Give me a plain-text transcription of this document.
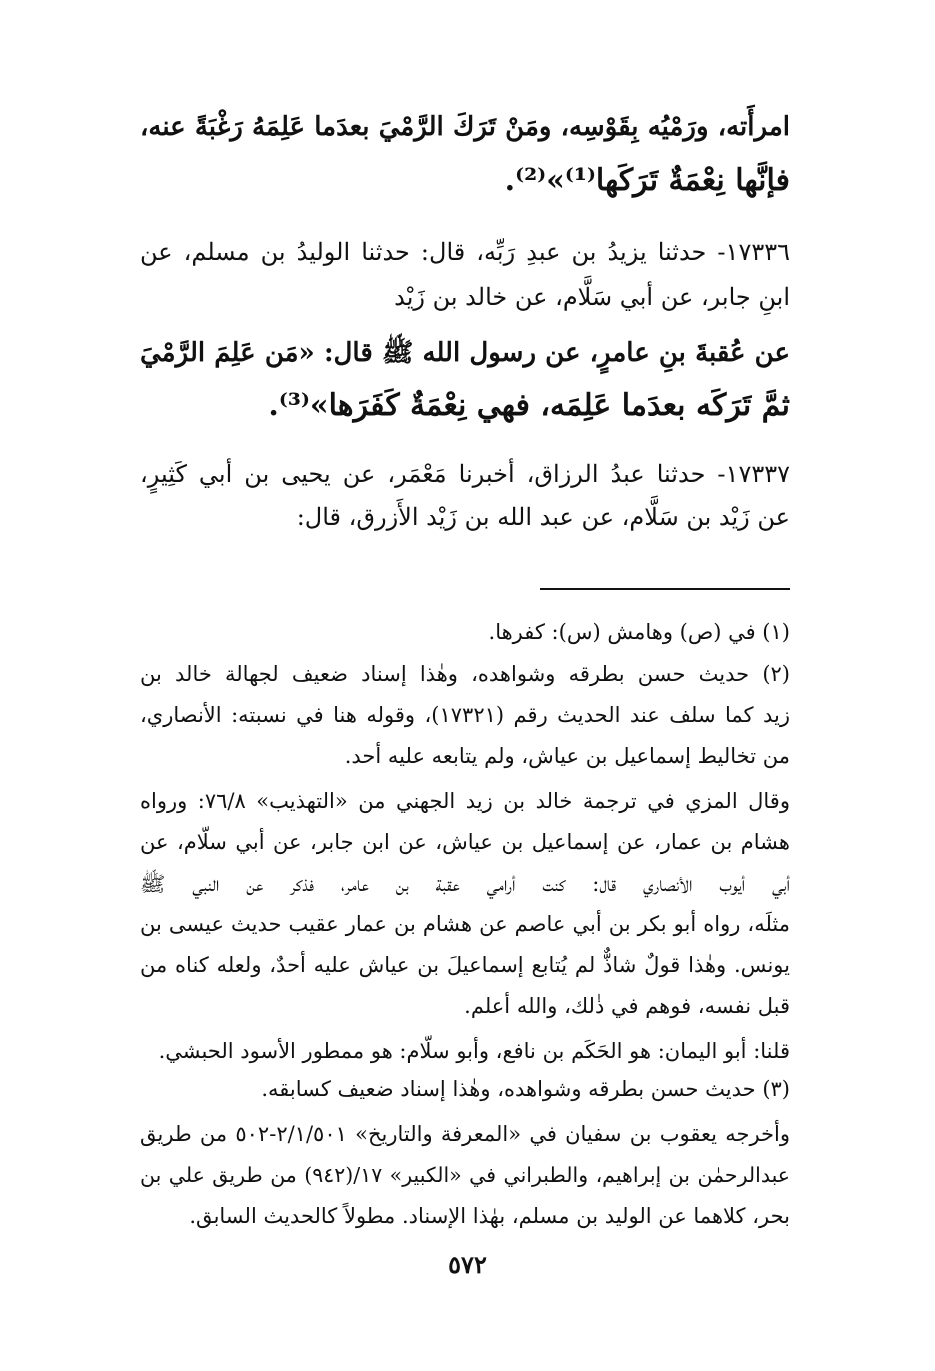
امرأَته، ورَمْيُه بِقَوْسِه، ومَنْ تَرَكَ الرَّمْيَ بعدَما عَلِمَهُ رَغْبَةً عنه،
فإنَّها نِعْمَةٌ تَرَكَها⁽¹⁾»⁽²⁾.
١٧٣٣٦- حدثنا يزيدُ بن عبدِ رَبِّه، قال: حدثنا الوليدُ بن مسلم، عن
ابنِ جابر، عن أبي سَلَّام، عن خالد بن زَيْد
عن عُقبةَ بنِ عامرٍ، عن رسول الله ﷺ قال: «مَن عَلِمَ الرَّمْيَ
ثمَّ تَرَكَه بعدَما عَلِمَه، فهي نِعْمَةٌ كَفَرَها»⁽³⁾.
١٧٣٣٧- حدثنا عبدُ الرزاق، أخبرنا مَعْمَر، عن يحيى بن أبي كَثِيرٍ،
عن زَيْد بن سَلَّام، عن عبد الله بن زَيْد الأَزرق، قال:
(١) في (ص) وهامش (س): كفرها.
(٢) حديث حسن بطرقه وشواهده، وهٰذا إسناد ضعيف لجهالة خالد بن
زيد كما سلف عند الحديث رقم (١٧٣٢١)، وقوله هنا في نسبته: الأنصاري،
من تخاليط إسماعيل بن عياش، ولم يتابعه عليه أحد.
وقال المزي في ترجمة خالد بن زيد الجهني من «التهذيب» ٧٦/٨: ورواه
هشام بن عمار، عن إسماعيل بن عياش، عن ابن جابر، عن أبي سلّام، عن
أبي أيوب الأنصاري قال: كنت أرامي عقبة بن عامر، فذكر عن النبي ﷺ
مثلَه، رواه أبو بكر بن أبي عاصم عن هشام بن عمار عقيب حديث عيسى بن
يونس. وهٰذا قولٌ شاذٌّ لم يُتابع إسماعيلَ بن عياش عليه أحدٌ، ولعله كناه من
قبل نفسه، فوهم في ذٰلك، والله أعلم.
قلنا: أبو اليمان: هو الحَكَم بن نافع، وأبو سلّام: هو ممطور الأسود الحبشي.
(٣) حديث حسن بطرقه وشواهده، وهٰذا إسناد ضعيف كسابقه.
وأخرجه يعقوب بن سفيان في «المعرفة والتاريخ» ٢/١/٥٠١-٥٠٢ من طريق
عبدالرحمٰن بن إبراهيم، والطبراني في «الكبير» ١٧/(٩٤٢) من طريق علي بن
بحر، كلاهما عن الوليد بن مسلم، بهٰذا الإسناد. مطولاً كالحديث السابق.
٥٧٢
